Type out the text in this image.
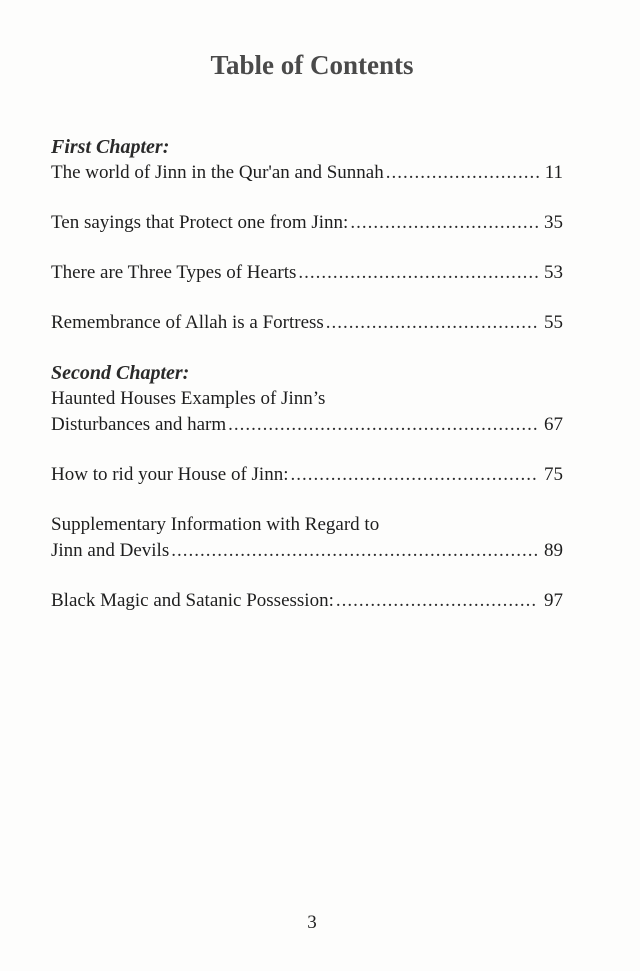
Table of Contents
First Chapter:
The world of Jinn in the Qur'an and Sunnah .....	11
Ten sayings that Protect one from Jinn: .....	35
There are Three Types of Hearts .....	53
Remembrance of Allah is a Fortress .....	55
Second Chapter:
Haunted Houses Examples of Jinn’s
Disturbances and harm .....	67
How to rid your House of Jinn: .....	75
Supplementary Information with Regard to
Jinn and Devils .....	89
Black Magic and Satanic Possession: .....	97
3
